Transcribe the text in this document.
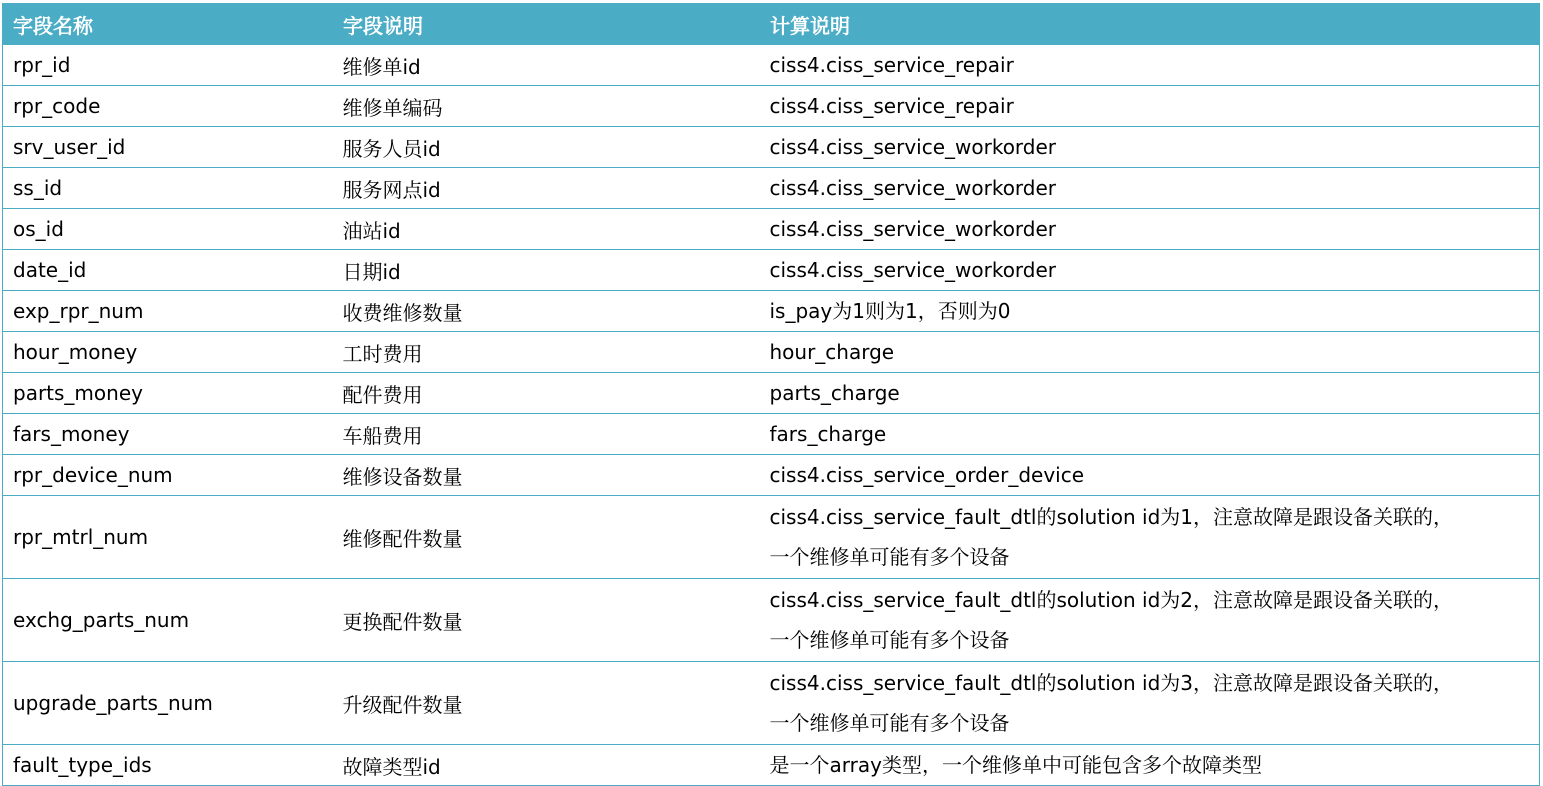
字段名称	字段说明	计算说明
rpr_id	维修单id	ciss4.ciss_service_repair

rpr_code	维修单编码	ciss4.ciss_service_repair

srv_user_id	服务人员id	ciss4.ciss_service_workorder

ss_id	服务网点id	ciss4.ciss_service_workorder

os_id	油站id	ciss4.ciss_service_workorder

date_id	日期id	ciss4.ciss_service_workorder

exp_rpr_num	收费维修数量	is_pay为1则为1，否则为0

hour_money	工时费用	hour_charge

parts_money	配件费用	parts_charge

fars_money	车船费用	fars_charge

rpr_device_num	维修设备数量	ciss4.ciss_service_order_device

rpr_mtrl_num	维修配件数量	ciss4.ciss_service_fault_dtl的solution id为1，注意故障是跟设备关联的，
一个维修单可能有多个设备

exchg_parts_num	更换配件数量	ciss4.ciss_service_fault_dtl的solution id为2，注意故障是跟设备关联的，
一个维修单可能有多个设备

upgrade_parts_num	升级配件数量	ciss4.ciss_service_fault_dtl的solution id为3，注意故障是跟设备关联的，
一个维修单可能有多个设备

fault_type_ids	故障类型id	是一个array类型，一个维修单中可能包含多个故障类型
